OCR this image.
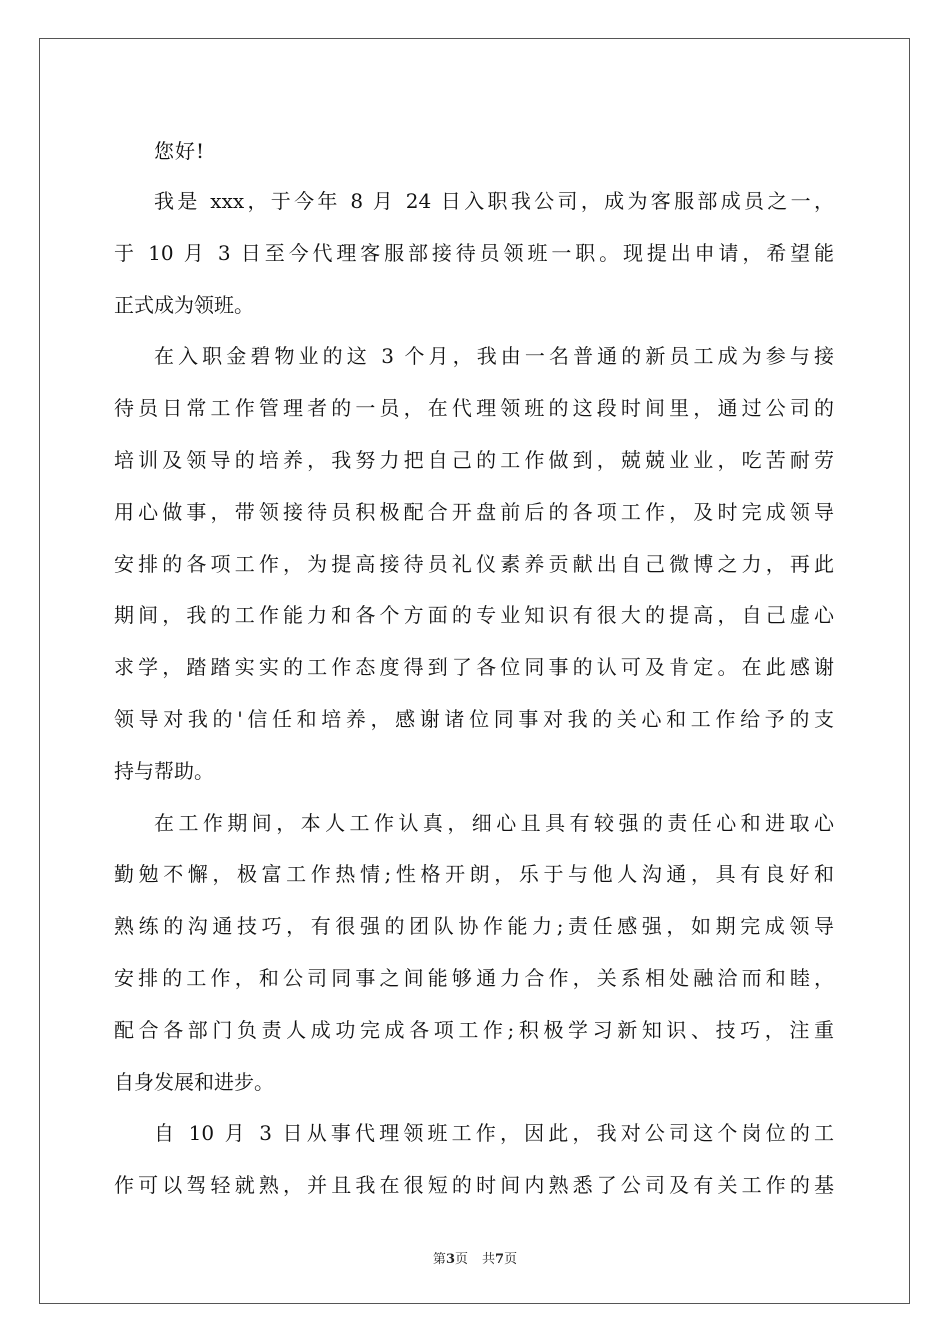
您好!

我是 xxx，于今年 8 月 24 日入职我公司，成为客服部成员之一，
于 10 月 3 日至今代理客服部接待员领班一职。现提出申请，希望能
正式成为领班。
在入职金碧物业的这 3 个月，我由一名普通的新员工成为参与接
待员日常工作管理者的一员，在代理领班的这段时间里，通过公司的
培训及领导的培养，我努力把自己的工作做到，兢兢业业，吃苦耐劳
用心做事，带领接待员积极配合开盘前后的各项工作，及时完成领导
安排的各项工作，为提高接待员礼仪素养贡献出自己微博之力，再此
期间，我的工作能力和各个方面的专业知识有很大的提高，自己虚心
求学，踏踏实实的工作态度得到了各位同事的认可及肯定。在此感谢
领导对我的'信任和培养，感谢诸位同事对我的关心和工作给予的支
持与帮助。
在工作期间，本人工作认真，细心且具有较强的责任心和进取心
勤勉不懈，极富工作热情;性格开朗，乐于与他人沟通，具有良好和
熟练的沟通技巧，有很强的团队协作能力;责任感强，如期完成领导
安排的工作，和公司同事之间能够通力合作，关系相处融洽而和睦，
配合各部门负责人成功完成各项工作;积极学习新知识、技巧，注重
自身发展和进步。
自 10 月 3 日从事代理领班工作，因此，我对公司这个岗位的工
作可以驾轻就熟，并且我在很短的时间内熟悉了公司及有关工作的基
第3页 共7页
